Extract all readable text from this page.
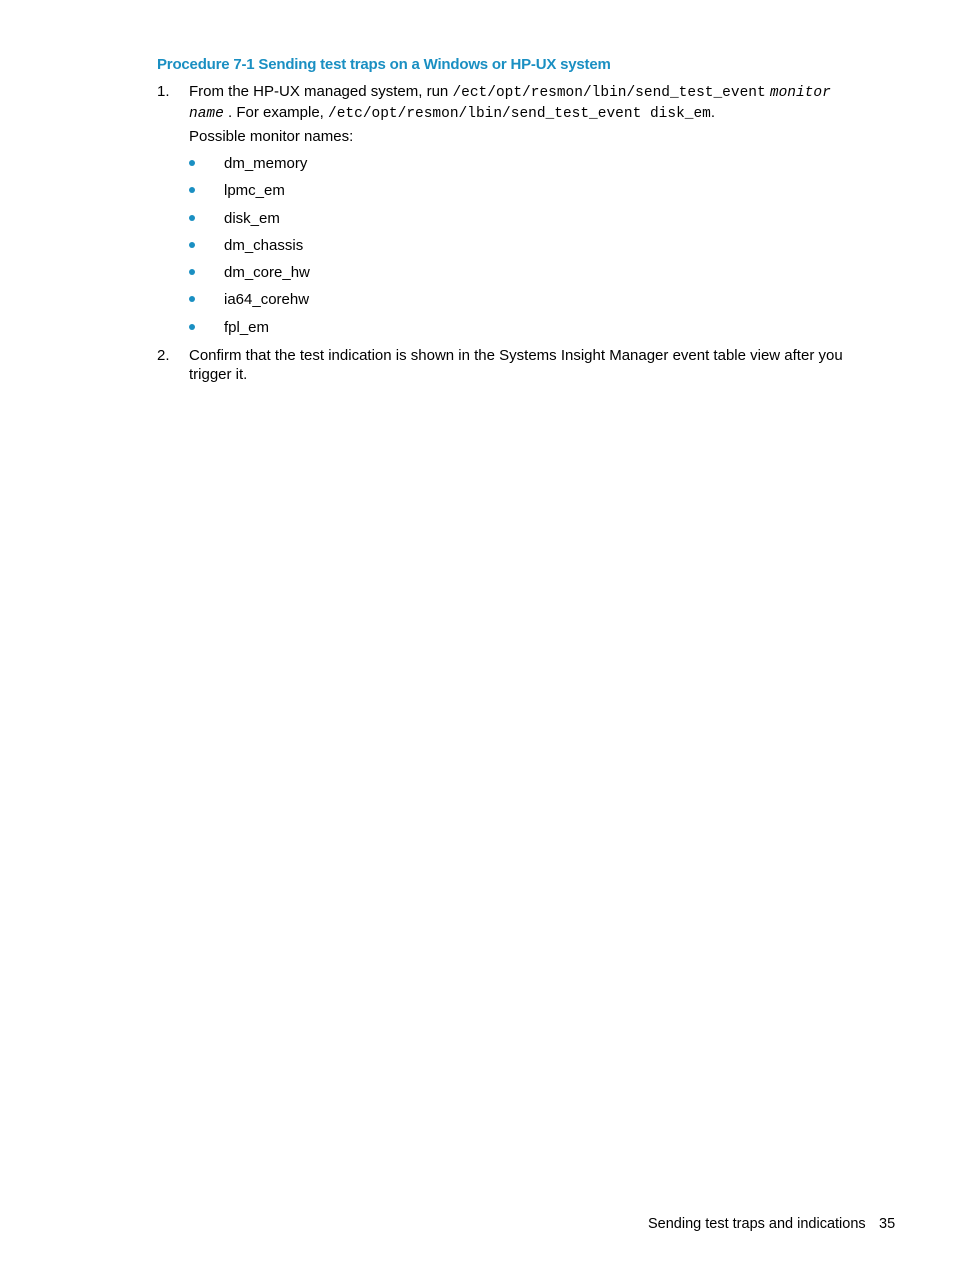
Procedure 7-1 Sending test traps on a Windows or HP-UX system
1.	From the HP-UX managed system, run /ect/opt/resmon/lbin/send_test_event monitor
name . For example, /etc/opt/resmon/lbin/send_test_event disk_em.

Possible monitor names:
dm_memory
lpmc_em
disk_em
dm_chassis
dm_core_hw
ia64_corehw
fpl_em
2.	Confirm that the test indication is shown in the Systems Insight Manager event table view after you trigger it.

Sending test traps and indications 35
